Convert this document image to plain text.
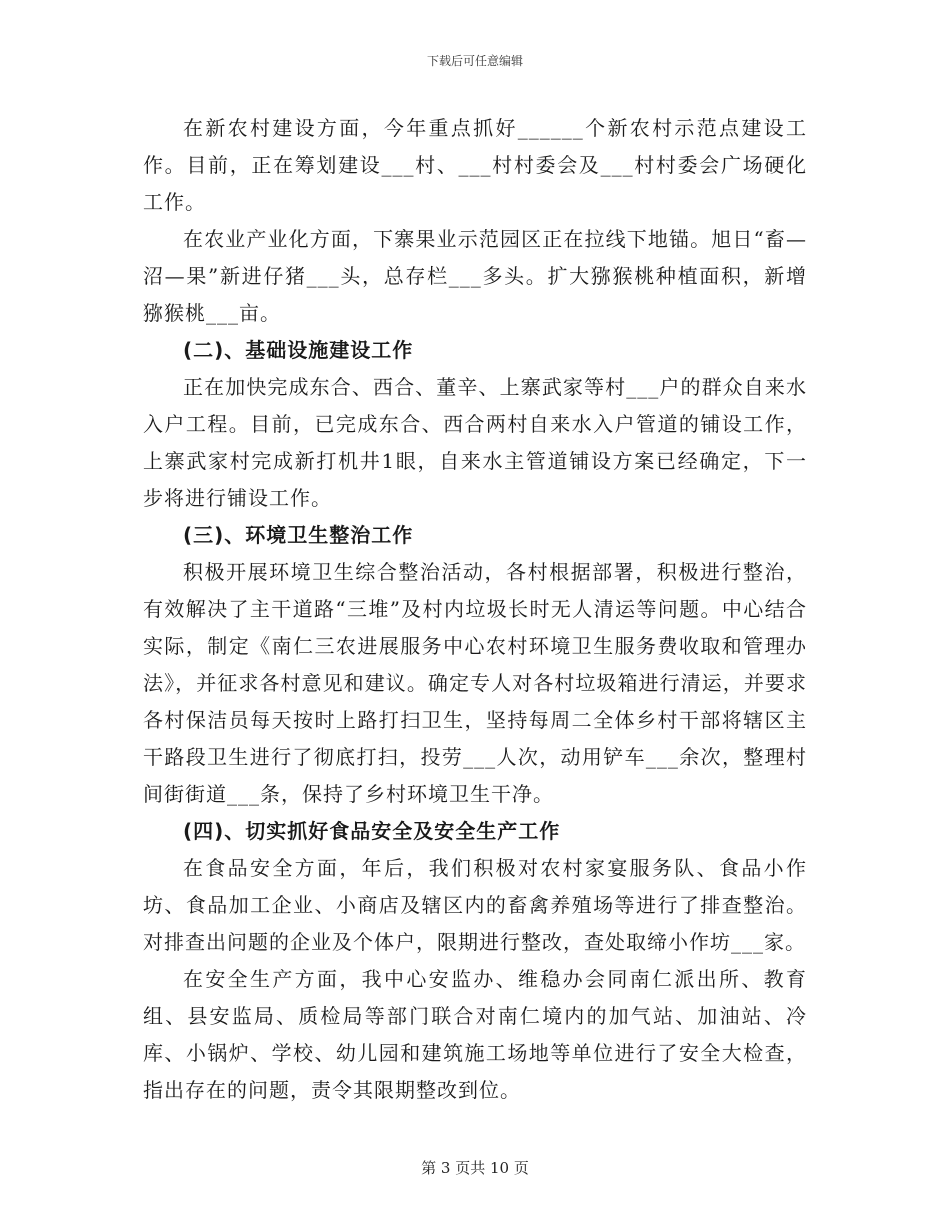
下载后可任意编辑

在新农村建设方面，今年重点抓好______个新农村示范点建设工作。目前，正在筹划建设___村、___村村委会及___村村委会广场硬化工作。

在农业产业化方面，下寨果业示范园区正在拉线下地锚。旭日“畜—沼—果”新进仔猪___头，总存栏___多头。扩大猕猴桃种植面积，新增猕猴桃___亩。

(二)、基础设施建设工作

正在加快完成东合、西合、董辛、上寨武家等村___户的群众自来水入户工程。目前，已完成东合、西合两村自来水入户管道的铺设工作，上寨武家村完成新打机井1眼，自来水主管道铺设方案已经确定，下一步将进行铺设工作。

(三)、环境卫生整治工作

积极开展环境卫生综合整治活动，各村根据部署，积极进行整治，有效解决了主干道路“三堆”及村内垃圾长时无人清运等问题。中心结合实际，制定《南仁三农进展服务中心农村环境卫生服务费收取和管理办法》，并征求各村意见和建议。确定专人对各村垃圾箱进行清运，并要求各村保洁员每天按时上路打扫卫生，坚持每周二全体乡村干部将辖区主干路段卫生进行了彻底打扫，投劳___人次，动用铲车___余次，整理村间街街道___条，保持了乡村环境卫生干净。

(四)、切实抓好食品安全及安全生产工作

在食品安全方面，年后，我们积极对农村家宴服务队、食品小作坊、食品加工企业、小商店及辖区内的畜禽养殖场等进行了排查整治。对排查出问题的企业及个体户，限期进行整改，查处取缔小作坊___家。

在安全生产方面，我中心安监办、维稳办会同南仁派出所、教育组、县安监局、质检局等部门联合对南仁境内的加气站、加油站、冷库、小锅炉、学校、幼儿园和建筑施工场地等单位进行了安全大检查，指出存在的问题，责令其限期整改到位。

第 3 页共 10 页
